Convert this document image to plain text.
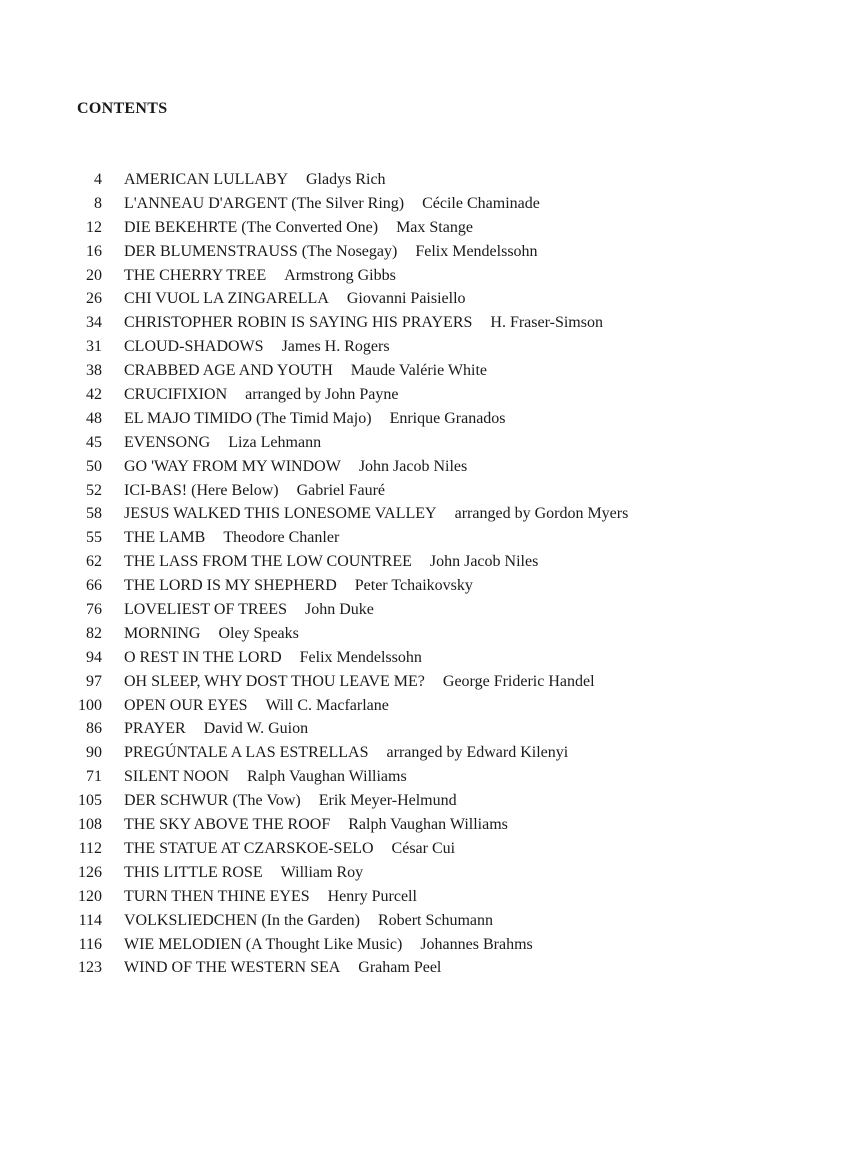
CONTENTS
4 AMERICAN LULLABY Gladys Rich
8 L'ANNEAU D'ARGENT (The Silver Ring) Cécile Chaminade
12 DIE BEKEHRTE (The Converted One) Max Stange
16 DER BLUMENSTRAUSS (The Nosegay) Felix Mendelssohn
20 THE CHERRY TREE Armstrong Gibbs
26 CHI VUOL LA ZINGARELLA Giovanni Paisiello
34 CHRISTOPHER ROBIN IS SAYING HIS PRAYERS H. Fraser-Simson
31 CLOUD-SHADOWS James H. Rogers
38 CRABBED AGE AND YOUTH Maude Valérie White
42 CRUCIFIXION arranged by John Payne
48 EL MAJO TIMIDO (The Timid Majo) Enrique Granados
45 EVENSONG Liza Lehmann
50 GO 'WAY FROM MY WINDOW John Jacob Niles
52 ICI-BAS! (Here Below) Gabriel Fauré
58 JESUS WALKED THIS LONESOME VALLEY arranged by Gordon Myers
55 THE LAMB Theodore Chanler
62 THE LASS FROM THE LOW COUNTREE John Jacob Niles
66 THE LORD IS MY SHEPHERD Peter Tchaikovsky
76 LOVELIEST OF TREES John Duke
82 MORNING Oley Speaks
94 O REST IN THE LORD Felix Mendelssohn
97 OH SLEEP, WHY DOST THOU LEAVE ME? George Frideric Handel
100 OPEN OUR EYES Will C. Macfarlane
86 PRAYER David W. Guion
90 PREGÚNTALE A LAS ESTRELLAS arranged by Edward Kilenyi
71 SILENT NOON Ralph Vaughan Williams
105 DER SCHWUR (The Vow) Erik Meyer-Helmund
108 THE SKY ABOVE THE ROOF Ralph Vaughan Williams
112 THE STATUE AT CZARSKOE-SELO César Cui
126 THIS LITTLE ROSE William Roy
120 TURN THEN THINE EYES Henry Purcell
114 VOLKSLIEDCHEN (In the Garden) Robert Schumann
116 WIE MELODIEN (A Thought Like Music) Johannes Brahms
123 WIND OF THE WESTERN SEA Graham Peel
